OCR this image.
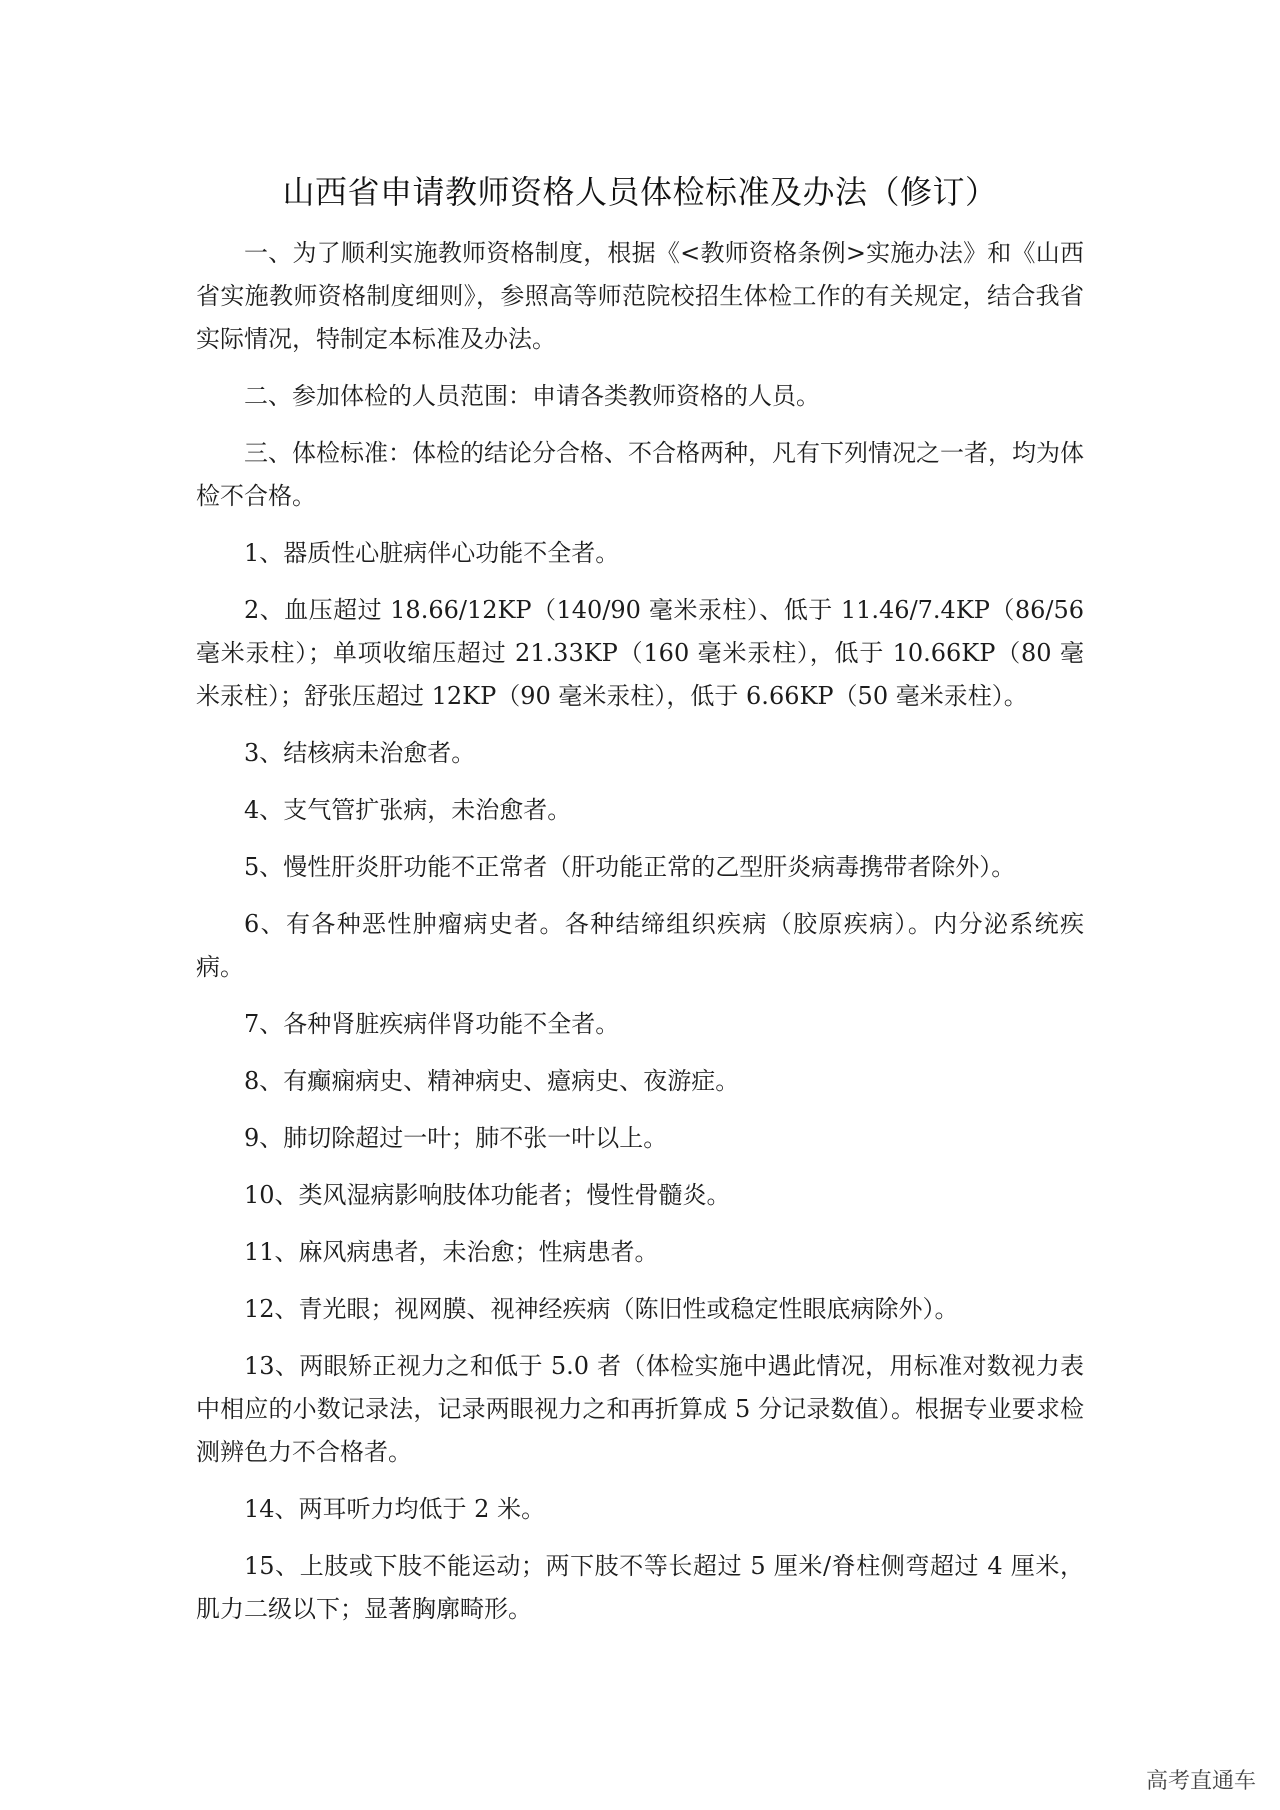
山西省申请教师资格人员体检标准及办法（修订）

一、为了顺利实施教师资格制度，根据《<教师资格条例>实施办法》和《山西省实施教师资格制度细则》，参照高等师范院校招生体检工作的有关规定，结合我省实际情况，特制定本标准及办法。

二、参加体检的人员范围：申请各类教师资格的人员。

三、体检标准：体检的结论分合格、不合格两种，凡有下列情况之一者，均为体检不合格。

1、器质性心脏病伴心功能不全者。

2、血压超过 18.66/12KP（140/90 毫米汞柱）、低于 11.46/7.4KP（86/56 毫米汞柱）；单项收缩压超过 21.33KP（160 毫米汞柱），低于 10.66KP（80 毫米汞柱）；舒张压超过 12KP（90 毫米汞柱），低于 6.66KP（50 毫米汞柱）。

3、结核病未治愈者。

4、支气管扩张病，未治愈者。

5、慢性肝炎肝功能不正常者（肝功能正常的乙型肝炎病毒携带者除外）。

6、有各种恶性肿瘤病史者。各种结缔组织疾病（胶原疾病）。内分泌系统疾病。

7、各种肾脏疾病伴肾功能不全者。

8、有癫痫病史、精神病史、癔病史、夜游症。

9、肺切除超过一叶；肺不张一叶以上。

10、类风湿病影响肢体功能者；慢性骨髓炎。

11、麻风病患者，未治愈；性病患者。

12、青光眼；视网膜、视神经疾病（陈旧性或稳定性眼底病除外）。

13、两眼矫正视力之和低于 5.0 者（体检实施中遇此情况，用标准对数视力表中相应的小数记录法，记录两眼视力之和再折算成 5 分记录数值）。根据专业要求检测辨色力不合格者。

14、两耳听力均低于 2 米。

15、上肢或下肢不能运动；两下肢不等长超过 5 厘米/脊柱侧弯超过 4 厘米，肌力二级以下；显著胸廓畸形。

高考直通车
